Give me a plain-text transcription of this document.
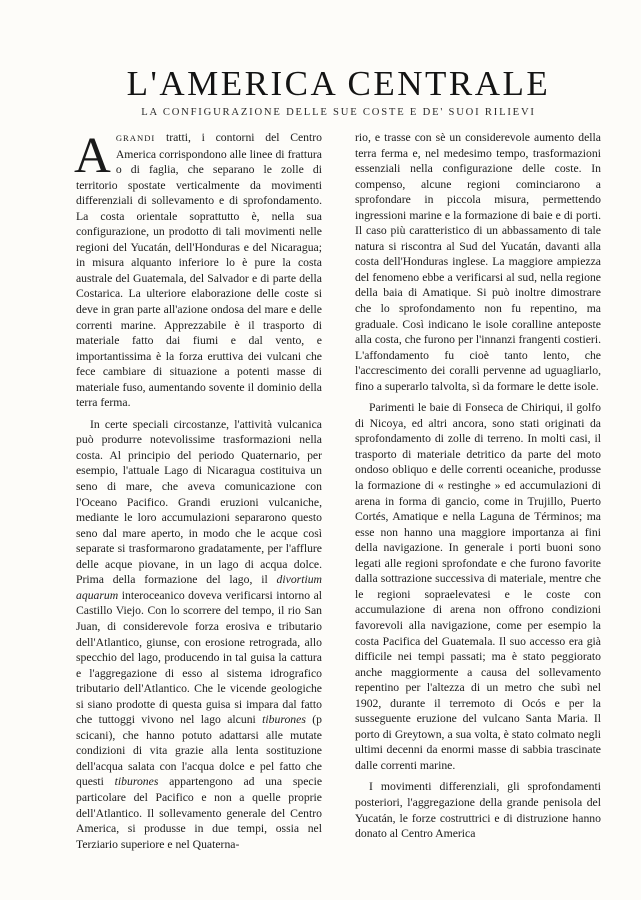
L'AMERICA CENTRALE
LA CONFIGURAZIONE DELLE SUE COSTE E DE' SUOI RILIEVI

AGRANDI tratti, i contorni del Centro America corrispondono alle linee di frattura o di faglia, che separano le zolle di territorio spostate verticalmente da movimenti differenziali di sollevamento e di sprofondamento. La costa orientale soprattutto è, nella sua configurazione, un prodotto di tali movimenti nelle regioni del Yucatán, dell'Honduras e del Nicaragua; in misura alquanto inferiore lo è pure la costa australe del Guatemala, del Salvador e di parte della Costarica. La ulteriore elaborazione delle coste si deve in gran parte all'azione ondosa del mare e delle correnti marine. Apprezzabile è il trasporto di materiale fatto dai fiumi e dal vento, e importantissima è la forza eruttiva dei vulcani che fece cambiare di situazione a potenti masse di materiale fuso, aumentando sovente il dominio della terra ferma.

In certe speciali circostanze, l'attività vulcanica può produrre notevolissime trasformazioni nella costa. Al principio del periodo Quaternario, per esempio, l'attuale Lago di Nicaragua costituiva un seno di mare, che aveva comunicazione con l'Oceano Pacifico. Grandi eruzioni vulcaniche, mediante le loro accumulazioni separarono questo seno dal mare aperto, in modo che le acque così separate si trasformarono gradatamente, per l'afflure delle acque piovane, in un lago di acqua dolce. Prima della formazione del lago, il divortium aquarum interoceanico doveva verificarsi intorno al Castillo Viejo. Con lo scorrere del tempo, il rio San Juan, di considerevole forza erosiva e tributario dell'Atlantico, giunse, con erosione retrograda, allo specchio del lago, producendo in tal guisa la cattura e l'aggregazione di esso al sistema idrografico tributario dell'Atlantico. Che le vicende geologiche si siano prodotte di questa guisa si impara dal fatto che tuttoggi vivono nel lago alcuni tiburones (p scicani), che hanno potuto adattarsi alle mutate condizioni di vita grazie alla lenta sostituzione dell'acqua salata con l'acqua dolce e pel fatto che questi tiburones appartengono ad una specie particolare del Pacifico e non a quelle proprie dell'Atlantico. Il sollevamento generale del Centro America, si produsse in due tempi, ossia nel Terziario superiore e nel Quaterna-

rio, e trasse con sè un considerevole aumento della terra ferma e, nel medesimo tempo, trasformazioni essenziali nella configurazione delle coste. In compenso, alcune regioni cominciarono a sprofondare in piccola misura, permettendo ingressioni marine e la formazione di baie e di porti. Il caso più caratteristico di un abbassamento di tale natura si riscontra al Sud del Yucatán, davanti alla costa dell'Honduras inglese. La maggiore ampiezza del fenomeno ebbe a verificarsi al sud, nella regione della baia di Amatique. Si può inoltre dimostrare che lo sprofondamento non fu repentino, ma graduale. Così indicano le isole coralline anteposte alla costa, che furono per l'innanzi frangenti costieri. L'affondamento fu cioè tanto lento, che l'accrescimento dei coralli pervenne ad uguagliarlo, fino a superarlo talvolta, sì da formare le dette isole.

Parimenti le baie di Fonseca de Chiriqui, il golfo di Nicoya, ed altri ancora, sono stati originati da sprofondamento di zolle di terreno. In molti casi, il trasporto di materiale detritico da parte del moto ondoso obliquo e delle correnti oceaniche, produsse la formazione di « restinghe » ed accumulazioni di arena in forma di gancio, come in Trujillo, Puerto Cortés, Amatique e nella Laguna de Términos; ma esse non hanno una maggiore importanza ai fini della navigazione. In generale i porti buoni sono legati alle regioni sprofondate e che furono favorite dalla sottrazione successiva di materiale, mentre che le regioni sopraelevatesi e le coste con accumulazione di arena non offrono condizioni favorevoli alla navigazione, come per esempio la costa Pacifica del Guatemala. Il suo accesso era già difficile nei tempi passati; ma è stato peggiorato anche maggiormente a causa del sollevamento repentino per l'altezza di un metro che subì nel 1902, durante il terremoto di Ocós e per la susseguente eruzione del vulcano Santa Maria. Il porto di Greytown, a sua volta, è stato colmato negli ultimi decenni da enormi masse di sabbia trascinate dalle correnti marine.

I movimenti differenziali, gli sprofondamenti posteriori, l'aggregazione della grande penisola del Yucatán, le forze costruttrici e di distruzione hanno donato al Centro America
